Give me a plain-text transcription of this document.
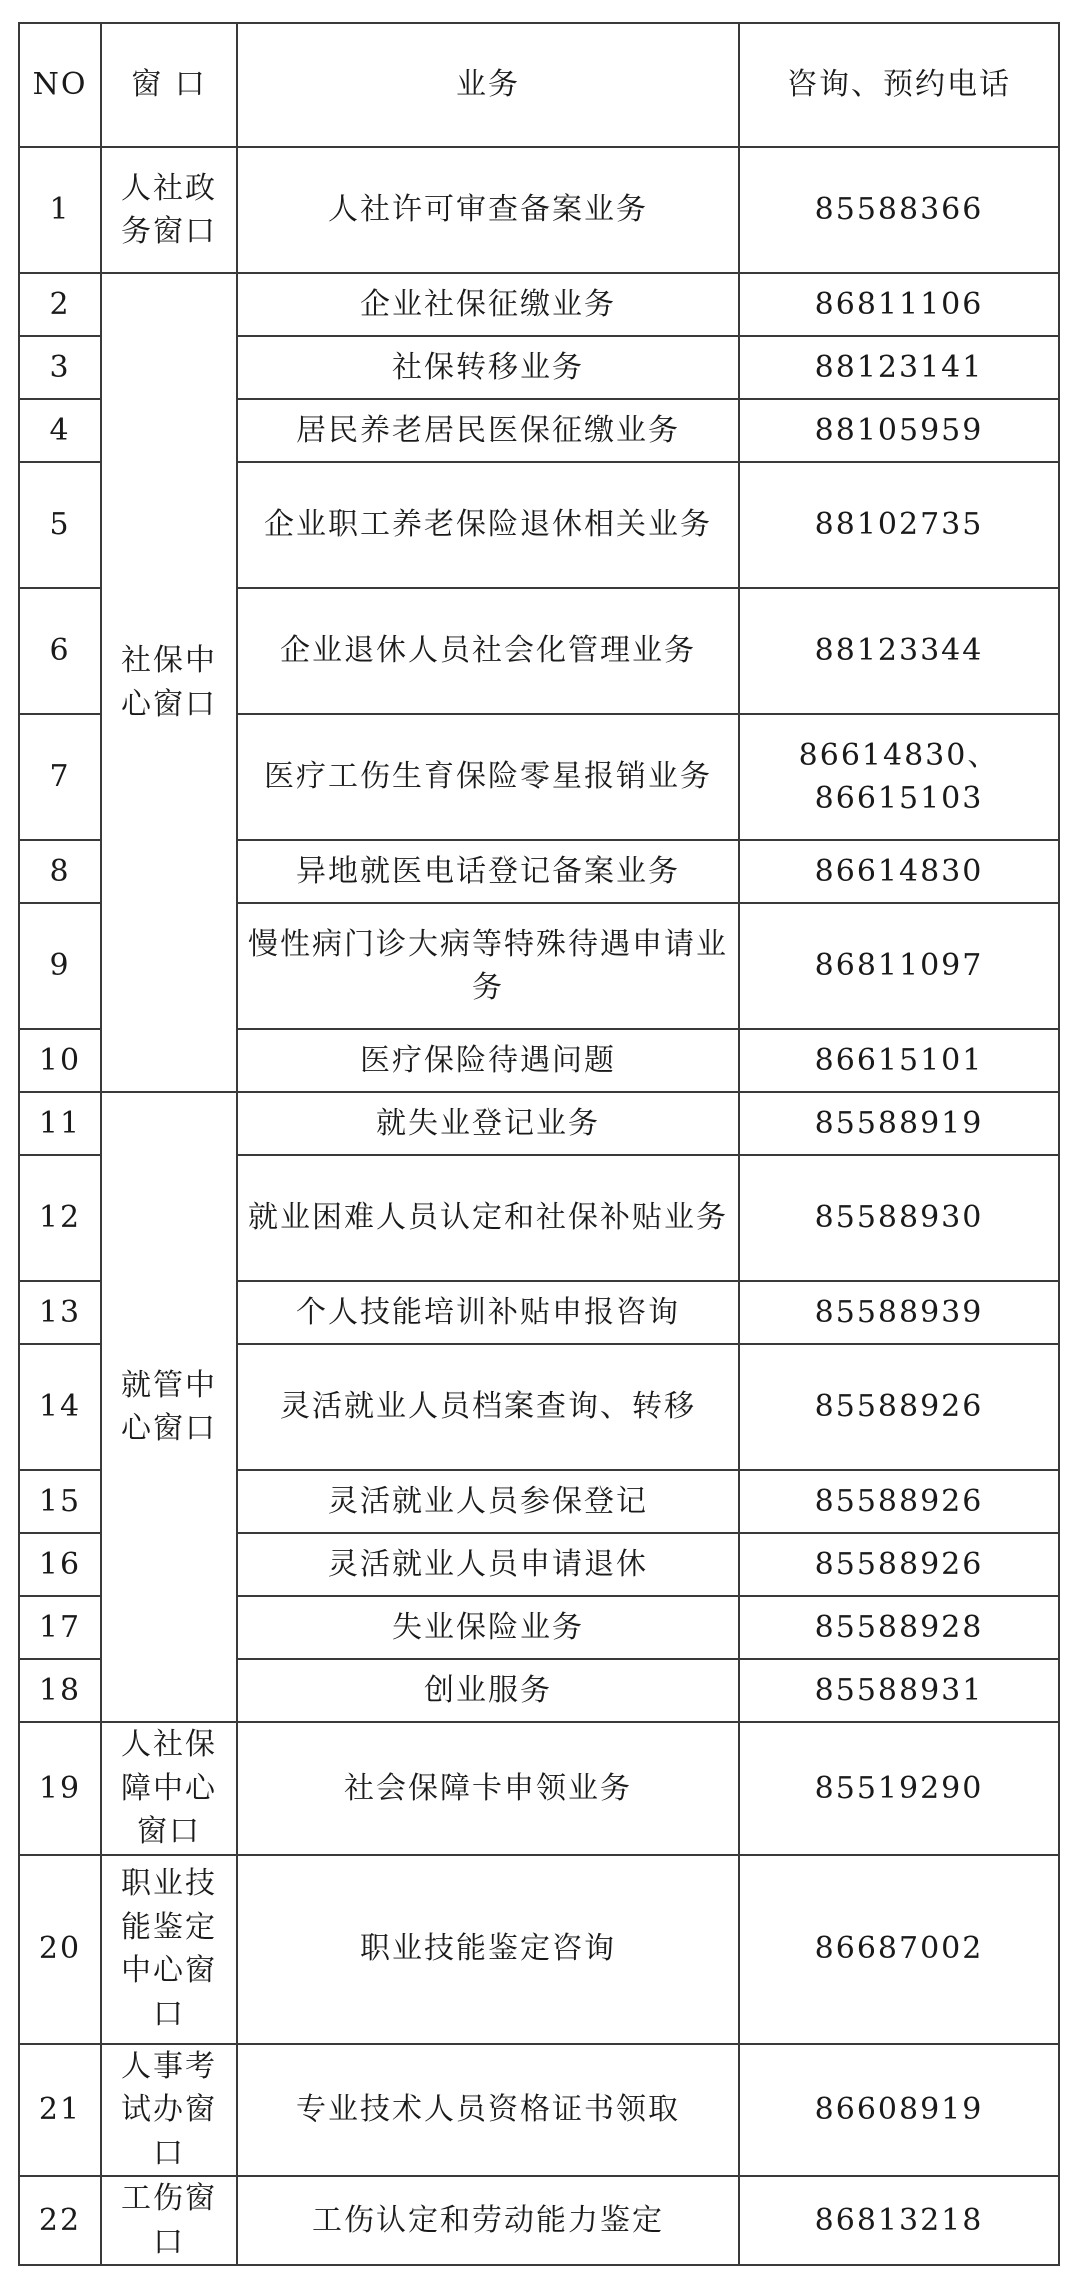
NO	窗 口	业务	咨询、预约电话
1	人社政务窗口	人社许可审查备案业务	85588366
2	社保中心窗口	企业社保征缴业务	86811106
3		社保转移业务	88123141
4		居民养老居民医保征缴业务	88105959
5		企业职工养老保险退休相关业务	88102735
6		企业退休人员社会化管理业务	88123344
7		医疗工伤生育保险零星报销业务	86614830、86615103
8		异地就医电话登记备案业务	86614830
9		慢性病门诊大病等特殊待遇申请业务	86811097
10		医疗保险待遇问题	86615101
11	就管中心窗口	就失业登记业务	85588919
12		就业困难人员认定和社保补贴业务	85588930
13		个人技能培训补贴申报咨询	85588939
14		灵活就业人员档案查询、转移	85588926
15		灵活就业人员参保登记	85588926
16		灵活就业人员申请退休	85588926
17		失业保险业务	85588928
18		创业服务	85588931
19	人社保障中心窗口	社会保障卡申领业务	85519290
20	职业技能鉴定中心窗口	职业技能鉴定咨询	86687002
21	人事考试办窗口	专业技术人员资格证书领取	86608919
22	工伤窗口	工伤认定和劳动能力鉴定	86813218
